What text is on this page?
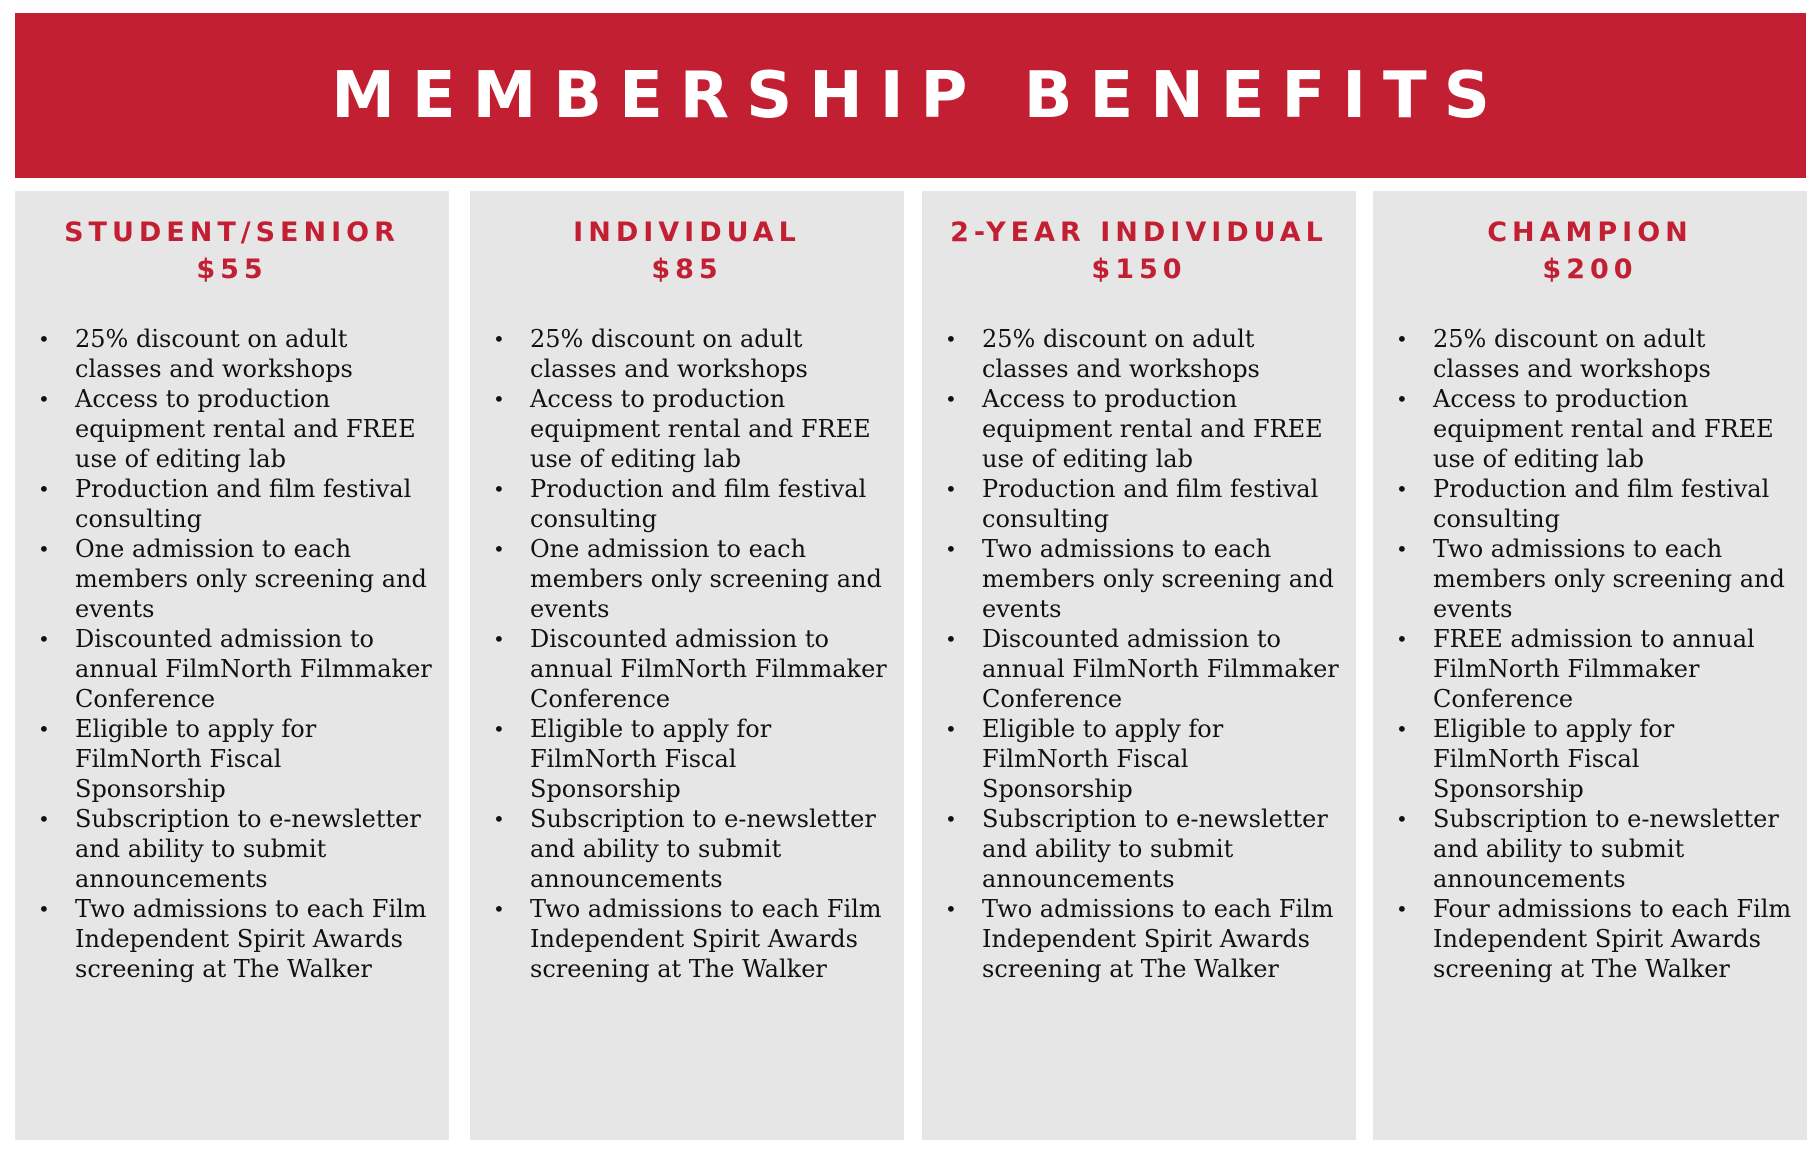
MEMBERSHIP BENEFITS
STUDENT/SENIOR
$55
• 25% discount on adult classes and workshops
• Access to production equipment rental and FREE use of editing lab
• Production and film festival consulting
• One admission to each members only screening and events
• Discounted admission to annual FilmNorth Filmmaker Conference
• Eligible to apply for FilmNorth Fiscal Sponsorship
• Subscription to e-newsletter and ability to submit announcements
• Two admissions to each Film Independent Spirit Awards screening at The Walker
INDIVIDUAL
$85
• 25% discount on adult classes and workshops
• Access to production equipment rental and FREE use of editing lab
• Production and film festival consulting
• One admission to each members only screening and events
• Discounted admission to annual FilmNorth Filmmaker Conference
• Eligible to apply for FilmNorth Fiscal Sponsorship
• Subscription to e-newsletter and ability to submit announcements
• Two admissions to each Film Independent Spirit Awards screening at The Walker
2-YEAR INDIVIDUAL
$150
• 25% discount on adult classes and workshops
• Access to production equipment rental and FREE use of editing lab
• Production and film festival consulting
• Two admissions to each members only screening and events
• Discounted admission to annual FilmNorth Filmmaker Conference
• Eligible to apply for FilmNorth Fiscal Sponsorship
• Subscription to e-newsletter and ability to submit announcements
• Two admissions to each Film Independent Spirit Awards screening at The Walker
CHAMPION
$200
• 25% discount on adult classes and workshops
• Access to production equipment rental and FREE use of editing lab
• Production and film festival consulting
• Two admissions to each members only screening and events
• FREE admission to annual FilmNorth Filmmaker Conference
• Eligible to apply for FilmNorth Fiscal Sponsorship
• Subscription to e-newsletter and ability to submit announcements
• Four admissions to each Film Independent Spirit Awards screening at The Walker
